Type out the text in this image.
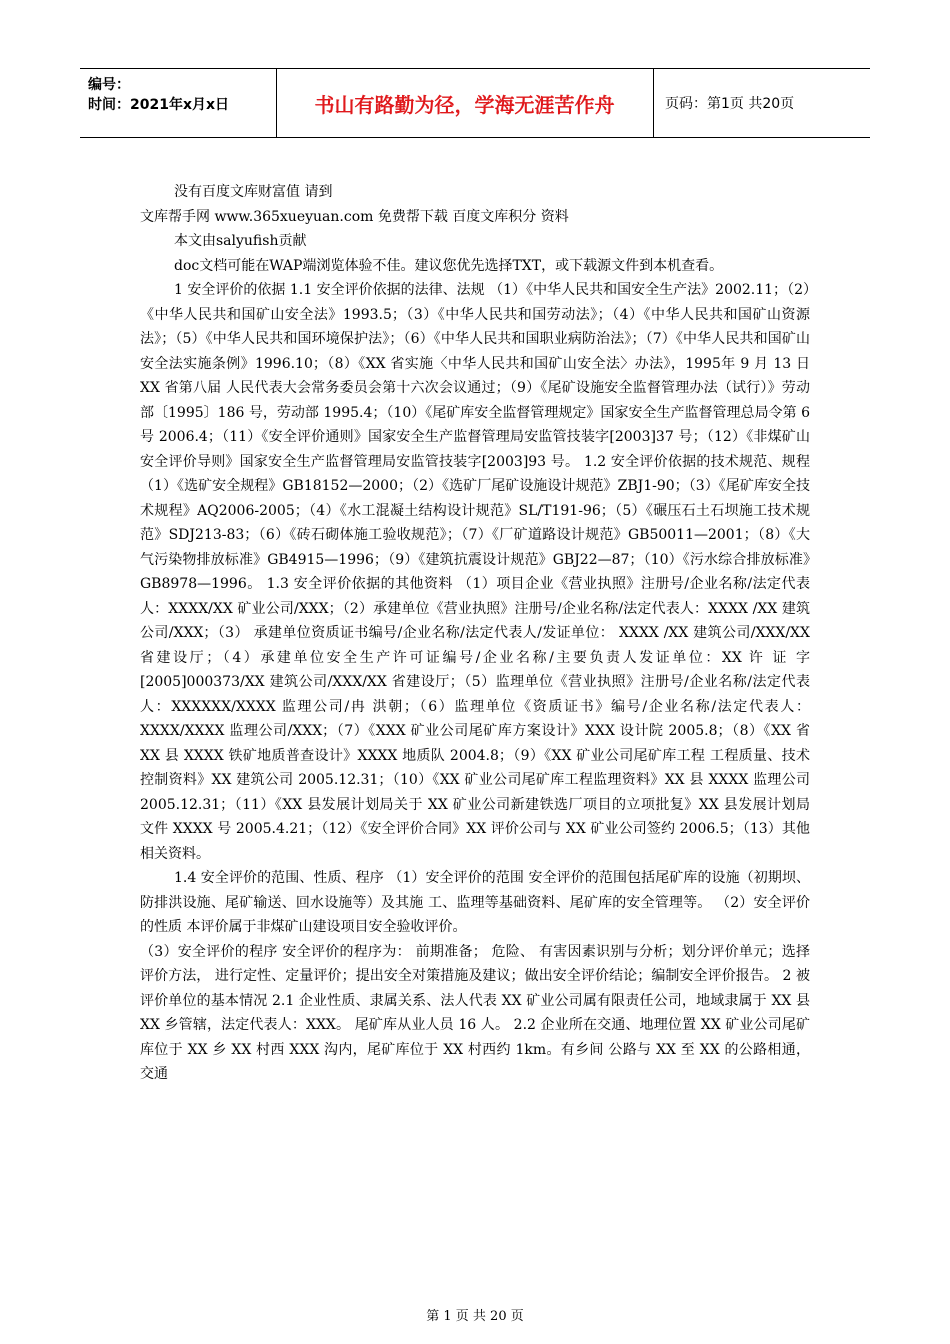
编号：
时间：2021年x月x日	书山有路勤为径，学海无涯苦作舟	页码：第1页 共20页

没有百度文库财富值 请到

文库帮手网 www.365xueyuan.com 免费帮下载 百度文库积分 资料

本文由salyufish贡献

doc文档可能在WAP端浏览体验不佳。建议您优先选择TXT，或下载源文件到本机查看。

1 安全评价的依据 1.1 安全评价依据的法律、法规 （1）《中华人民共和国安全生产法》2002.11；（2）《中华人民共和国矿山安全法》1993.5；（3）《中华人民共和国劳动法》；（4）《中华人民共和国矿山资源法》；（5）《中华人民共和国环境保护法》；（6）《中华人民共和国职业病防治法》；（7）《中华人民共和国矿山安全法实施条例》1996.10；（8）《XX 省实施〈中华人民共和国矿山安全法〉办法》，1995年 9 月 13 日 XX 省第八届 人民代表大会常务委员会第十六次会议通过；（9）《尾矿设施安全监督管理办法（试行）》劳动部〔1995〕186 号，劳动部 1995.4；（10）《尾矿库安全监督管理规定》国家安全生产监督管理总局令第 6 号 2006.4；（11）《安全评价通则》国家安全生产监督管理局安监管技装字[2003]37 号；（12）《非煤矿山安全评价导则》国家安全生产监督管理局安监管技装字[2003]93 号。 1.2 安全评价依据的技术规范、规程 （1）《选矿安全规程》GB18152—2000；（2）《选矿厂尾矿设施设计规范》ZBJ1-90；（3）《尾矿库安全技术规程》AQ2006-2005；（4）《水工混凝土结构设计规范》SL/T191-96；（5）《碾压石土石坝施工技术规范》SDJ213-83；（6）《砖石砌体施工验收规范》；（7）《厂矿道路设计规范》GB50011—2001；（8）《大气污染物排放标准》GB4915—1996；（9）《建筑抗震设计规范》GBJ22—87；（10）《污水综合排放标准》GB8978—1996。 1.3 安全评价依据的其他资料 （1）项目企业《营业执照》注册号/企业名称/法定代表人：XXXX/XX 矿业公司/XXX；（2）承建单位《营业执照》注册号/企业名称/法定代表人：XXXX /XX 建筑公司/XXX；（3） 承建单位资质证书编号/企业名称/法定代表人/发证单位： XXXX /XX 建筑公司/XXX/XX 省建设厅；（4）承建单位安全生产许可证编号/企业名称/主要负责人发证单位：XX 许 证 字 [2005]000373/XX 建筑公司/XXX/XX 省建设厅；（5）监理单位《营业执照》注册号/企业名称/法定代表人：XXXXXX/XXXX 监理公司/冉 洪朝；（6）监理单位《资质证书》编号/企业名称/法定代表人：XXXX/XXXX 监理公司/XXX；（7）《XXX 矿业公司尾矿库方案设计》XXX 设计院 2005.8；（8）《XX 省 XX 县 XXXX 铁矿地质普查设计》XXXX 地质队 2004.8；（9）《XX 矿业公司尾矿库工程 工程质量、技术控制资料》XX 建筑公司 2005.12.31；（10）《XX 矿业公司尾矿库工程监理资料》XX 县 XXXX 监理公司 2005.12.31；（11）《XX 县发展计划局关于 XX 矿业公司新建铁选厂项目的立项批复》XX 县发展计划局 文件 XXXX 号 2005.4.21；（12）《安全评价合同》XX 评价公司与 XX 矿业公司签约 2006.5；（13）其他相关资料。

1.4 安全评价的范围、性质、程序 （1）安全评价的范围 安全评价的范围包括尾矿库的设施（初期坝、防排洪设施、尾矿输送、回水设施等）及其施 工、监理等基础资料、尾矿库的安全管理等。 （2）安全评价的性质 本评价属于非煤矿山建设项目安全验收评价。

（3）安全评价的程序 安全评价的程序为： 前期准备； 危险、 有害因素识别与分析；划分评价单元；选择评价方法， 进行定性、定量评价；提出安全对策措施及建议；做出安全评价结论；编制安全评价报告。 2 被评价单位的基本情况 2.1 企业性质、隶属关系、法人代表 XX 矿业公司属有限责任公司，地域隶属于 XX 县 XX 乡管辖，法定代表人：XXX。 尾矿库从业人员 16 人。 2.2 企业所在交通、地理位置 XX 矿业公司尾矿库位于 XX 乡 XX 村西 XXX 沟内，尾矿库位于 XX 村西约 1km。有乡间 公路与 XX 至 XX 的公路相通，交通

第 1 页 共 20 页
